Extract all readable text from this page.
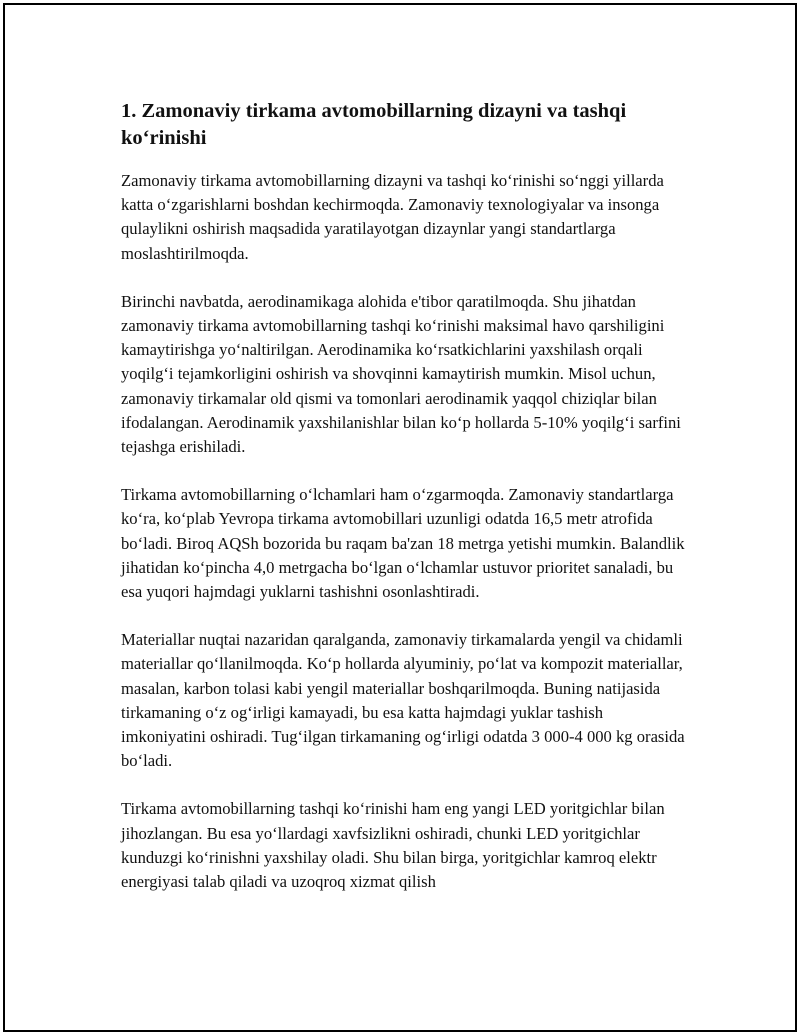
1. Zamonaviy tirkama avtomobillarning dizayni va tashqi ko‘rinishi

Zamonaviy tirkama avtomobillarning dizayni va tashqi ko‘rinishi so‘nggi yillarda katta o‘zgarishlarni boshdan kechirmoqda. Zamonaviy texnologiyalar va insonga qulaylikni oshirish maqsadida yaratilayotgan dizaynlar yangi standartlarga moslashtirilmoqda.

Birinchi navbatda, aerodinamikaga alohida e'tibor qaratilmoqda. Shu jihatdan zamonaviy tirkama avtomobillarning tashqi ko‘rinishi maksimal havo qarshiligini kamaytirishga yo‘naltirilgan. Aerodinamika ko‘rsatkichlarini yaxshilash orqali yoqilg‘i tejamkorligini oshirish va shovqinni kamaytirish mumkin. Misol uchun, zamonaviy tirkamalar old qismi va tomonlari aerodinamik yaqqol chiziqlar bilan ifodalangan. Aerodinamik yaxshilanishlar bilan ko‘p hollarda 5-10% yoqilg‘i sarfini tejashga erishiladi.

Tirkama avtomobillarning o‘lchamlari ham o‘zgarmoqda. Zamonaviy standartlarga ko‘ra, ko‘plab Yevropa tirkama avtomobillari uzunligi odatda 16,5 metr atrofida bo‘ladi. Biroq AQSh bozorida bu raqam ba'zan 18 metrga yetishi mumkin. Balandlik jihatidan ko‘pincha 4,0 metrgacha bo‘lgan o‘lchamlar ustuvor prioritet sanaladi, bu esa yuqori hajmdagi yuklarni tashishni osonlashtiradi.

Materiallar nuqtai nazaridan qaralganda, zamonaviy tirkamalarda yengil va chidamli materiallar qo‘llanilmoqda. Ko‘p hollarda alyuminiy, po‘lat va kompozit materiallar, masalan, karbon tolasi kabi yengil materiallar boshqarilmoqda. Buning natijasida tirkamaning o‘z og‘irligi kamayadi, bu esa katta hajmdagi yuklar tashish imkoniyatini oshiradi. Tug‘ilgan tirkamaning og‘irligi odatda 3 000-4 000 kg orasida bo‘ladi.

Tirkama avtomobillarning tashqi ko‘rinishi ham eng yangi LED yoritgichlar bilan jihozlangan. Bu esa yo‘llardagi xavfsizlikni oshiradi, chunki LED yoritgichlar kunduzgi ko‘rinishni yaxshilay oladi. Shu bilan birga, yoritgichlar kamroq elektr energiyasi talab qiladi va uzoqroq xizmat qilish
